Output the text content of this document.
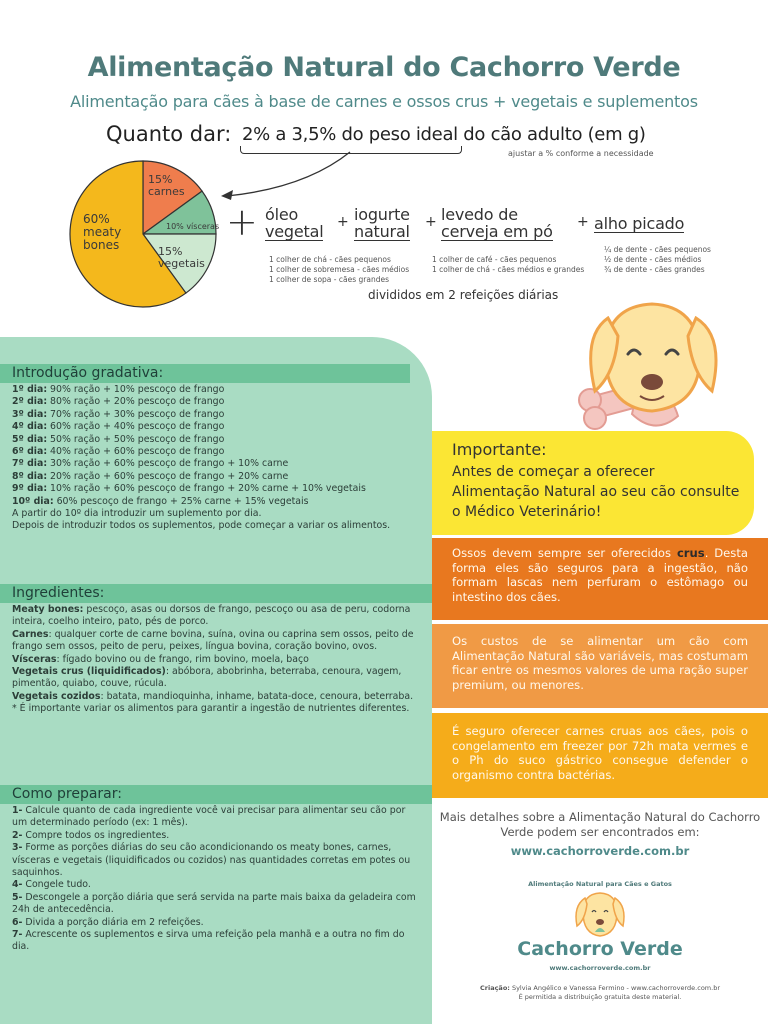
Alimentação Natural do Cachorro Verde
Alimentação para cães à base de carnes e ossos crus + vegetais e suplementos
Quanto dar: 2% a 3,5% do peso ideal do cão adulto (em g)
ajustar a % conforme a necessidade
15%
carnes
10% vísceras
15%
vegetais
60%
meaty
bones
+ óleo
vegetal + iogurte
natural + levedo de
cerveja em pó + alho picado
1 colher de chá - cães pequenos
1 colher de sobremesa - cães médios
1 colher de sopa - cães grandes
1 colher de café - cães pequenos
1 colher de chá - cães médios e grandes
¼ de dente - cães pequenos
½ de dente - cães médios
¾ de dente - cães grandes
divididos em 2 refeições diárias
Introdução gradativa:

1º dia: 90% ração + 10% pescoço de frango

2º dia: 80% ração + 20% pescoço de frango

3º dia: 70% ração + 30% pescoço de frango

4º dia: 60% ração + 40% pescoço de frango

5º dia: 50% ração + 50% pescoço de frango

6º dia: 40% ração + 60% pescoço de frango

7º dia: 30% ração + 60% pescoço de frango + 10% carne

8º dia: 20% ração + 60% pescoço de frango + 20% carne

9º dia: 10% ração + 60% pescoço de frango + 20% carne + 10% vegetais

10º dia: 60% pescoço de frango + 25% carne + 15% vegetais

A partir do 10º dia introduzir um suplemento por dia.

Depois de introduzir todos os suplementos, pode começar a variar os alimentos.

Ingredientes:

Meaty bones: pescoço, asas ou dorsos de frango, pescoço ou asa de peru, codorna inteira, coelho inteiro, pato, pés de porco.

Carnes: qualquer corte de carne bovina, suína, ovina ou caprina sem ossos, peito de frango sem ossos, peito de peru, peixes, língua bovina, coração bovino, ovos.

Vísceras: fígado bovino ou de frango, rim bovino, moela, baço

Vegetais crus (liquidificados): abóbora, abobrinha, beterraba, cenoura, vagem, pimentão, quiabo, couve, rúcula.

Vegetais cozidos: batata, mandioquinha, inhame, batata-doce, cenoura, beterraba.

* É importante variar os alimentos para garantir a ingestão de nutrientes diferentes.

Como preparar:

1- Calcule quanto de cada ingrediente você vai precisar para alimentar seu cão por um determinado período (ex: 1 mês).

2- Compre todos os ingredientes.

3- Forme as porções diárias do seu cão acondicionando os meaty bones, carnes, vísceras e vegetais (liquidificados ou cozidos) nas quantidades corretas em potes ou saquinhos.

4- Congele tudo.

5- Descongele a porção diária que será servida na parte mais baixa da geladeira com 24h de antecedência.

6- Divida a porção diária em 2 refeições.

7- Acrescente os suplementos e sirva uma refeição pela manhã e a outra no fim do dia.

Importante:
Antes de começar a oferecer Alimentação Natural ao seu cão consulte o Médico Veterinário!
Ossos devem sempre ser oferecidos crus. Desta forma eles são seguros para a ingestão, não formam lascas nem perfuram o estômago ou intestino dos cães.
Os custos de se alimentar um cão com Alimentação Natural são variáveis, mas costumam ficar entre os mesmos valores de uma ração super premium, ou menores.
É seguro oferecer carnes cruas aos cães, pois o congelamento em freezer por 72h mata vermes e o Ph do suco gástrico consegue defender o organismo contra bactérias.
Mais detalhes sobre a Alimentação Natural do Cachorro Verde podem ser encontrados em:
www.cachorroverde.com.br
Alimentação Natural para Cães e Gatos
Cachorro Verde
www.cachorroverde.com.br
Criação: Sylvia Angélico e Vanessa Fermino - www.cachorroverde.com.br
É permitida a distribuição gratuita deste material.
